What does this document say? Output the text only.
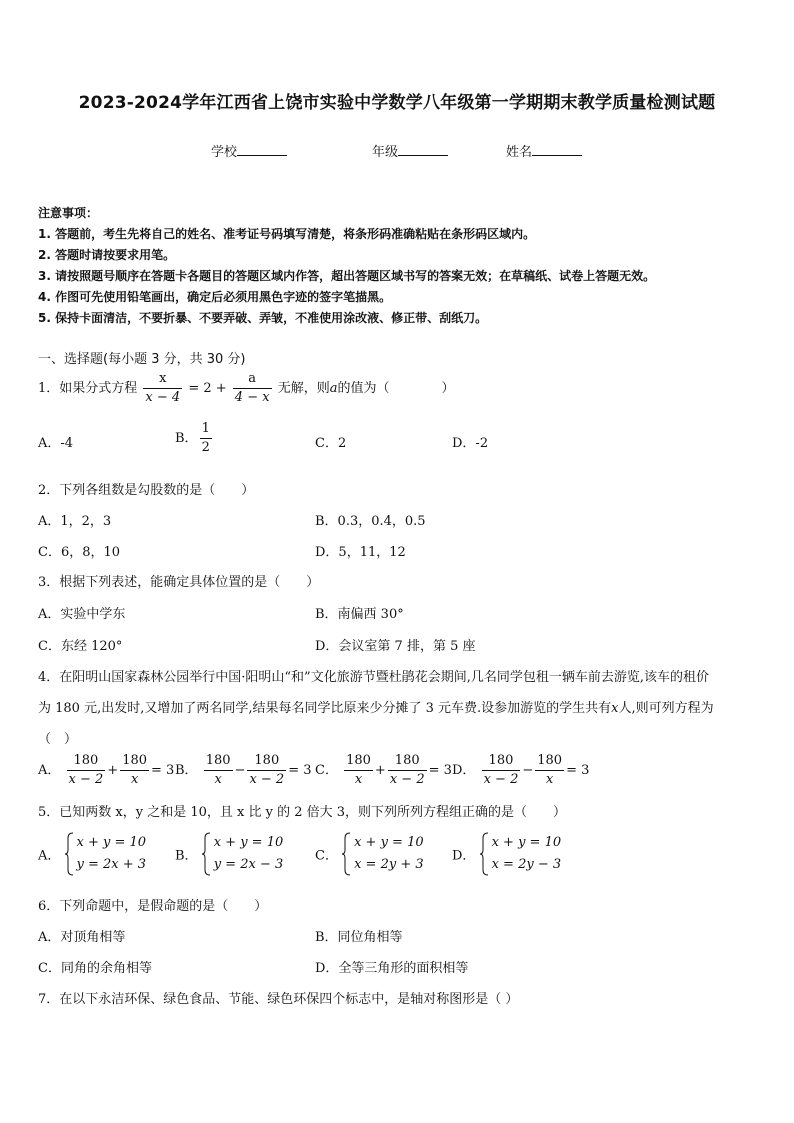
2023-2024学年江西省上饶市实验中学数学八年级第一学期期末教学质量检测试题
学校	年级	姓名
注意事项：
1. 答题前，考生先将自己的姓名、准考证号码填写清楚，将条形码准确粘贴在条形码区域内。
2. 答题时请按要求用笔。
3. 请按照题号顺序在答题卡各题目的答题区域内作答，超出答题区域书写的答案无效；在草稿纸、试卷上答题无效。
4. 作图可先使用铅笔画出，确定后必须用黑色字迹的签字笔描黑。
5. 保持卡面清洁，不要折暴、不要弄破、弄皱，不准使用涂改液、修正带、刮纸刀。
一、选择题(每小题 3 分，共 30 分)
1．如果分式方程 $\frac{x}{x - 4} = 2 + \frac{a}{4 - x}$ 无解，则a的值为（　　　　）
A．-4	B． $\frac{1}{2}$	C．2	D．-2
2．下列各组数是勾股数的是（　　）
A．1，2，3	B．0.3，0.4，0.5
C．6，8，10	D．5，11，12
3．根据下列表述，能确定具体位置的是（　　）
A．实验中学东	B．南偏西 30°
C．东经 120°	D．会议室第 7 排，第 5 座
4．在阳明山国家森林公园举行中国·阳明山“和”文化旅游节暨杜鹃花会期间,几名同学包租一辆车前去游览,该车的租价
为 180 元,出发时,又增加了两名同学,结果每名同学比原来少分摊了 3 元车费.设参加游览的学生共有x人,则可列方程为
（　）
A． $\frac{180}{x - 2} + \frac{180}{x} = 3$ B． $\frac{180}{x} - \frac{180}{x - 2} = 3$ C． $\frac{180}{x} + \frac{180}{x - 2} = 3$ D． $\frac{180}{x - 2} - \frac{180}{x} = 3$
5．已知两数 x，y 之和是 10，且 x 比 y 的 2 倍大 3，则下列所列方程组正确的是（　　）
A．
x + y = 10
y = 2x + 3
B．
x + y = 10
y = 2x − 3
C．
x + y = 10
x = 2y + 3
D．
x + y = 10
x = 2y − 3
6．下列命题中，是假命题的是（　　）
A．对顶角相等	B．同位角相等
C．同角的余角相等	D．全等三角形的面积相等
7．在以下永洁环保、绿色食品、节能、绿色环保四个标志中，是轴对称图形是（ ）
